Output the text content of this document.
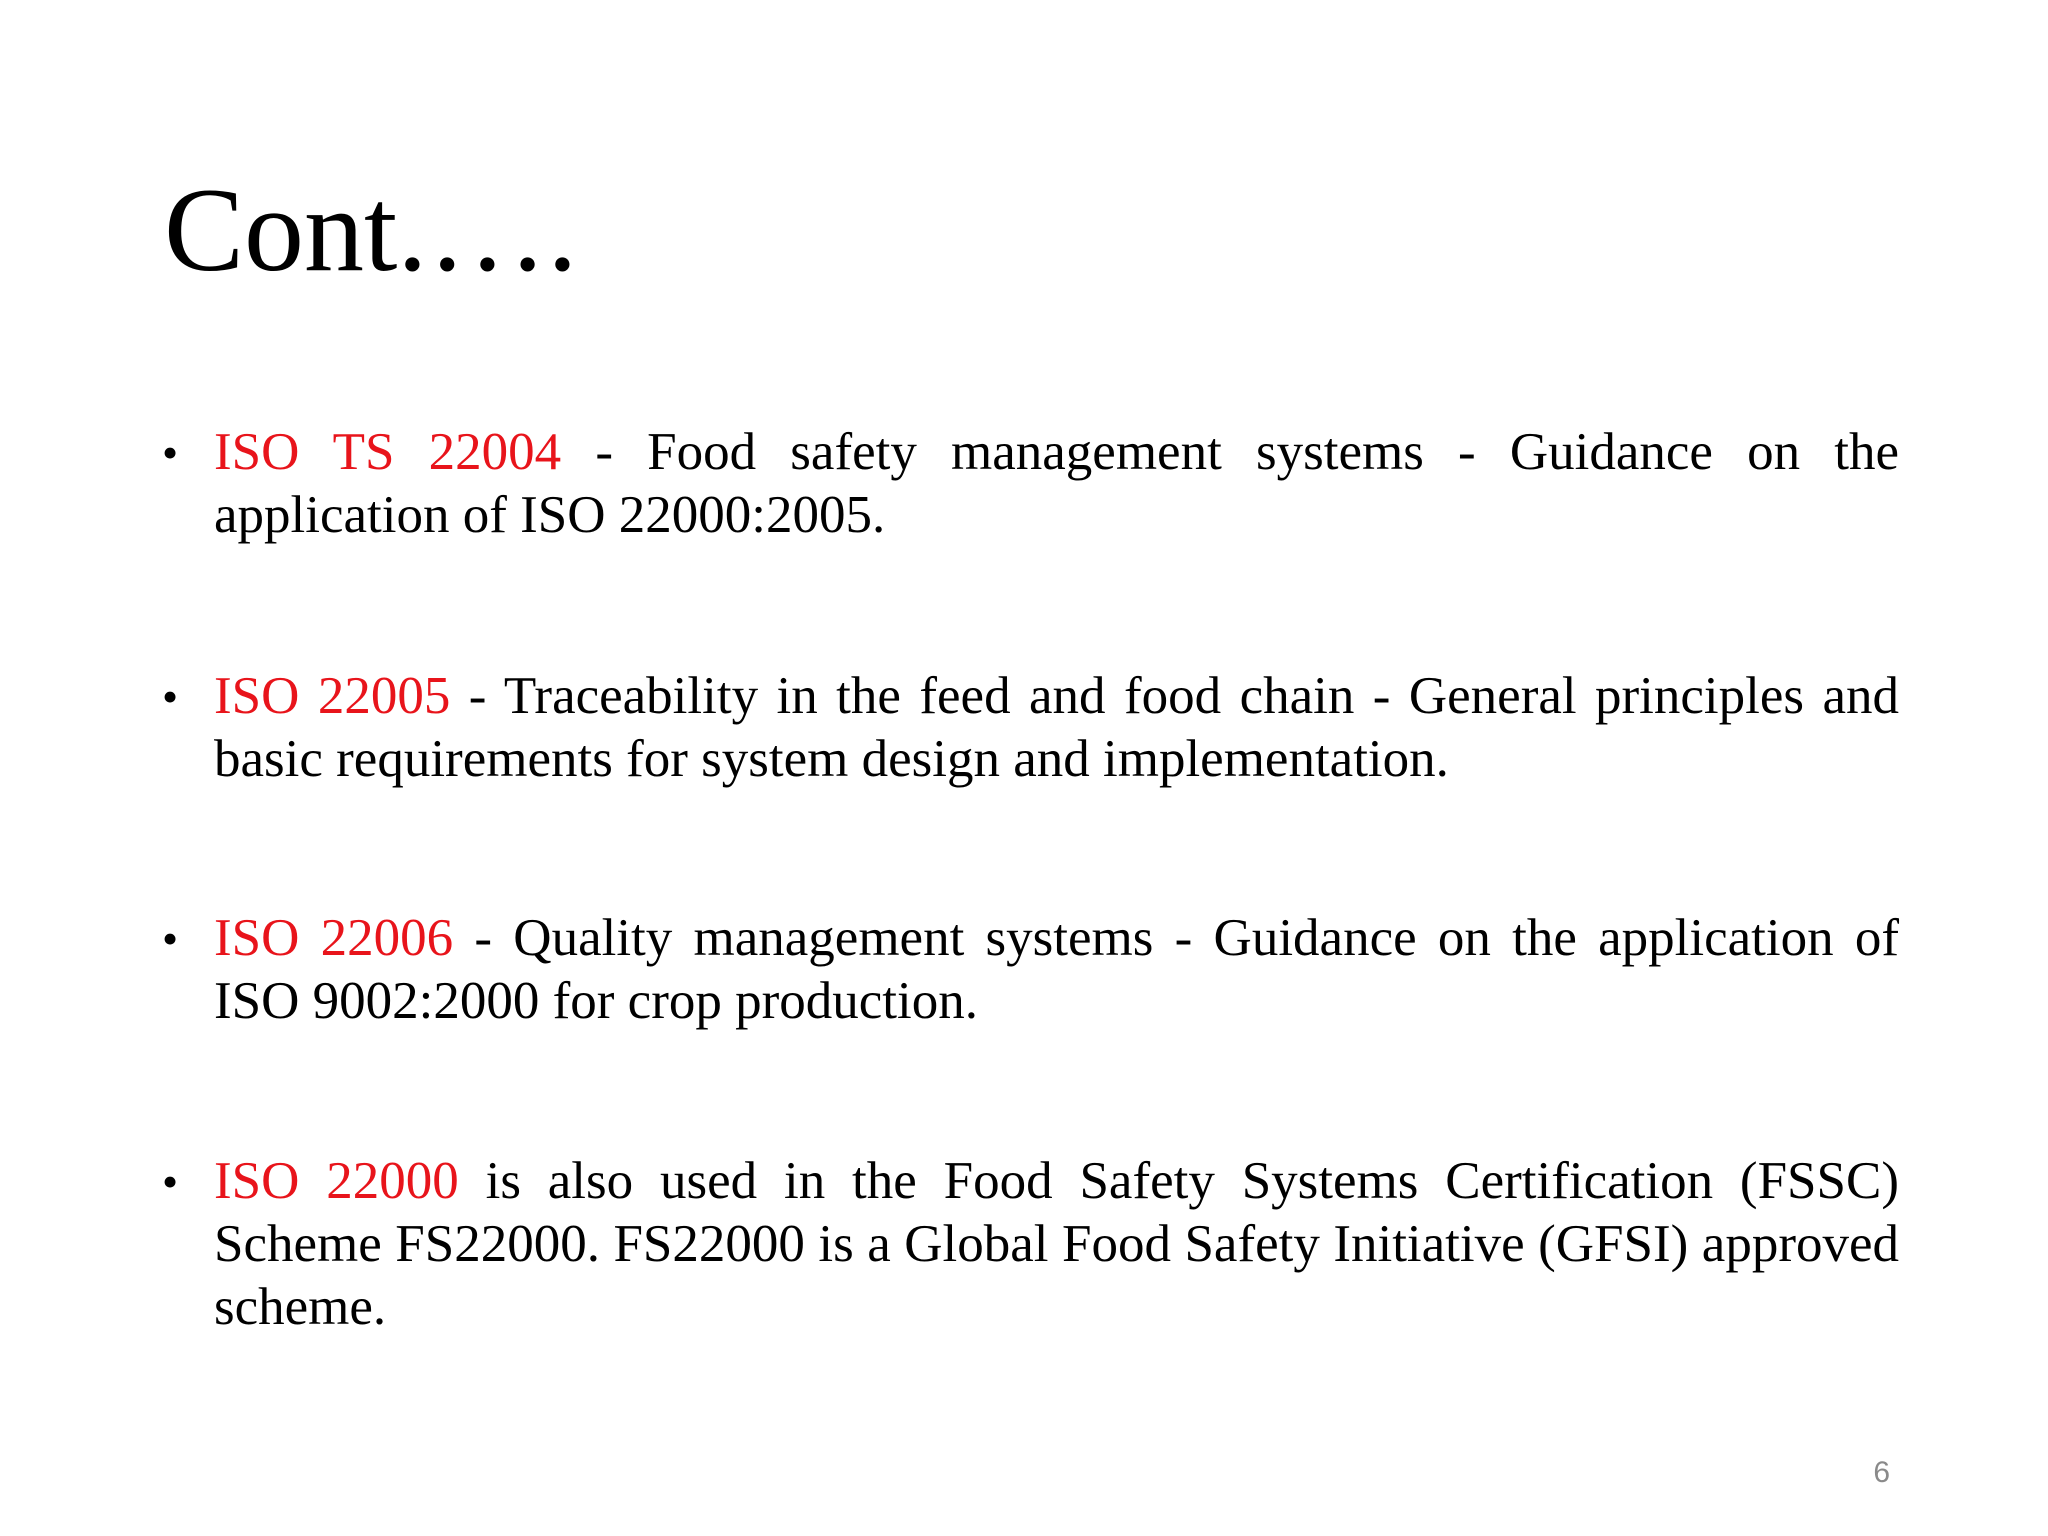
Cont.….
• ISO TS 22004 - Food safety management systems - Guidance on the application of ISO 22000:2005.
• ISO 22005 - Traceability in the feed and food chain - General principles and basic requirements for system design and implementation.
• ISO 22006 - Quality management systems - Guidance on the application of ISO 9002:2000 for crop production.
• ISO 22000 is also used in the Food Safety Systems Certification (FSSC) Scheme FS22000. FS22000 is a Global Food Safety Initiative (GFSI) approved scheme.
6
